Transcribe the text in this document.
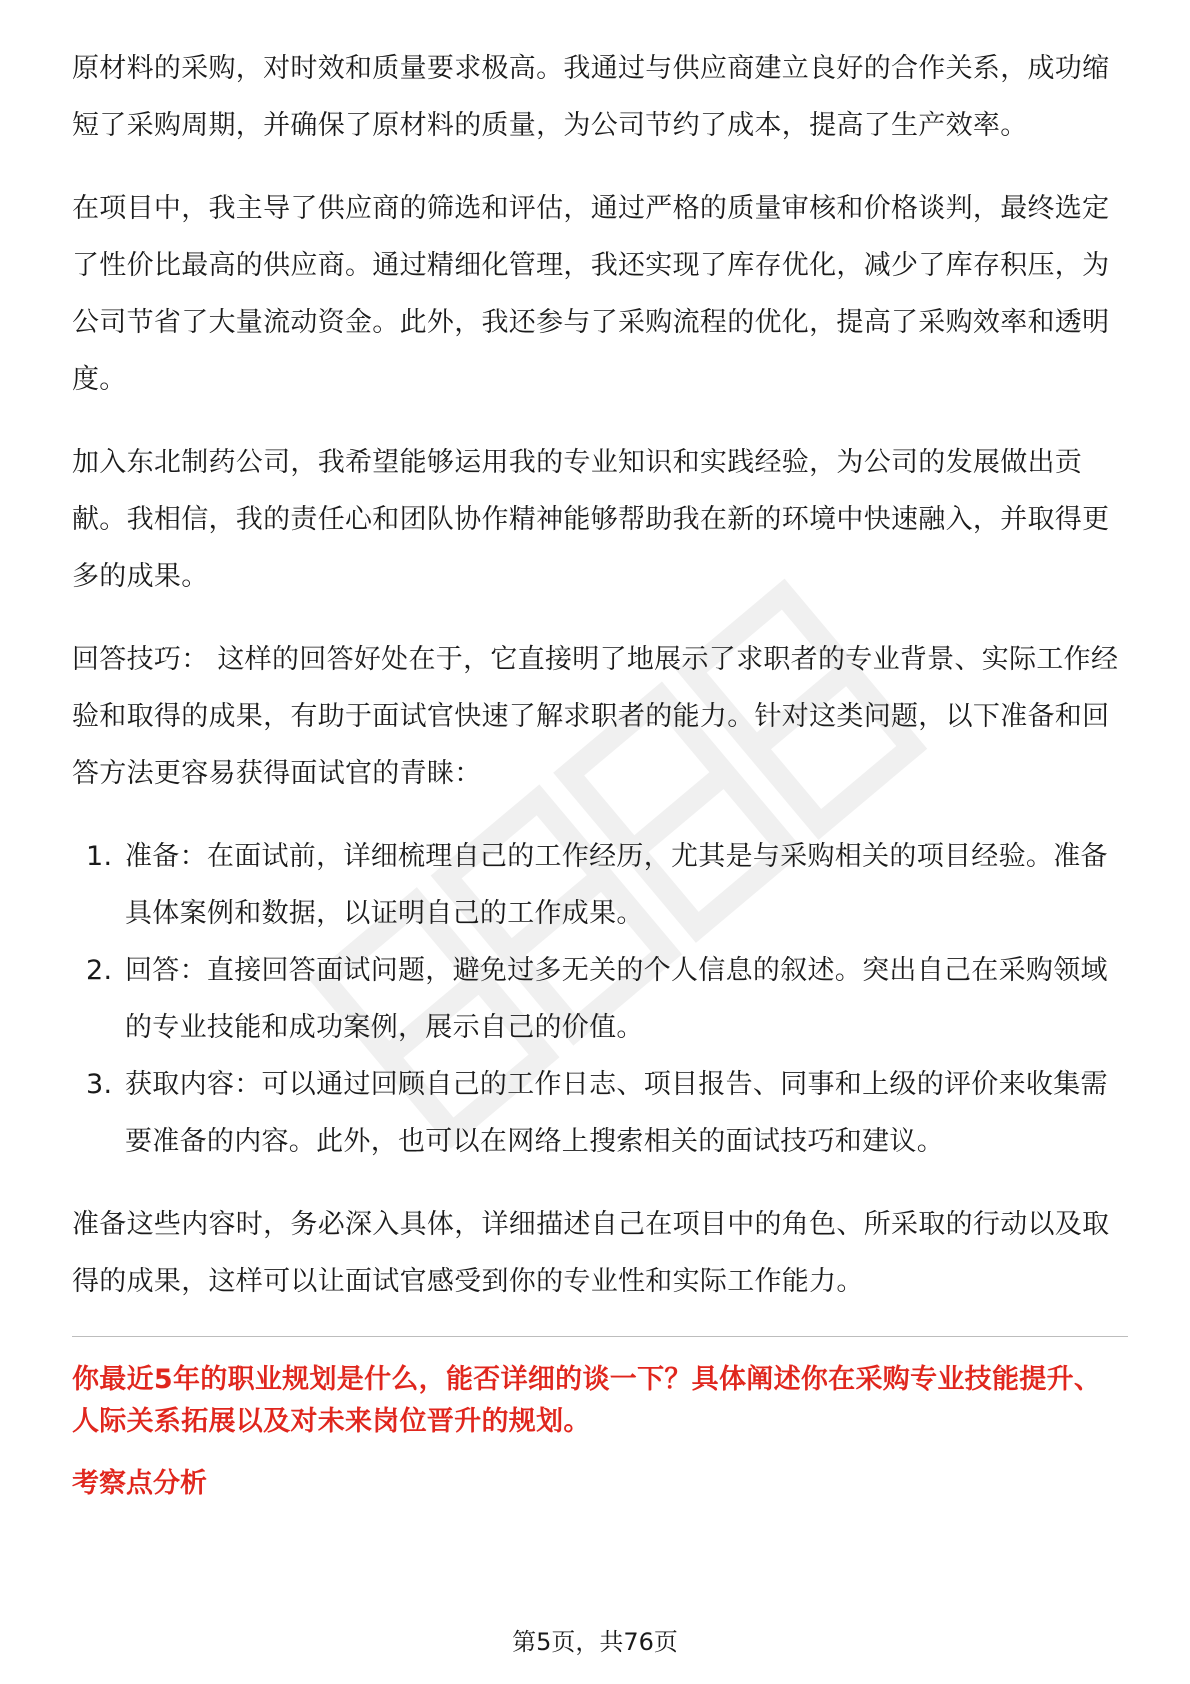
原材料的采购，对时效和质量要求极高。我通过与供应商建立良好的合作关系，成功缩短了采购周期，并确保了原材料的质量，为公司节约了成本，提高了生产效率。

在项目中，我主导了供应商的筛选和评估，通过严格的质量审核和价格谈判，最终选定了性价比最高的供应商。通过精细化管理，我还实现了库存优化，减少了库存积压，为公司节省了大量流动资金。此外，我还参与了采购流程的优化，提高了采购效率和透明度。

加入东北制药公司，我希望能够运用我的专业知识和实践经验，为公司的发展做出贡献。我相信，我的责任心和团队协作精神能够帮助我在新的环境中快速融入，并取得更多的成果。

回答技巧： 这样的回答好处在于，它直接明了地展示了求职者的专业背景、实际工作经验和取得的成果，有助于面试官快速了解求职者的能力。针对这类问题，以下准备和回答方法更容易获得面试官的青睐：

1. 准备：在面试前，详细梳理自己的工作经历，尤其是与采购相关的项目经验。准备具体案例和数据，以证明自己的工作成果。
2. 回答：直接回答面试问题，避免过多无关的个人信息的叙述。突出自己在采购领域的专业技能和成功案例，展示自己的价值。
3. 获取内容：可以通过回顾自己的工作日志、项目报告、同事和上级的评价来收集需要准备的内容。此外，也可以在网络上搜索相关的面试技巧和建议。

准备这些内容时，务必深入具体，详细描述自己在项目中的角色、所采取的行动以及取得的成果，这样可以让面试官感受到你的专业性和实际工作能力。

你最近5年的职业规划是什么，能否详细的谈一下？具体阐述你在采购专业技能提升、人际关系拓展以及对未来岗位晋升的规划。

考察点分析

第5页，共76页
